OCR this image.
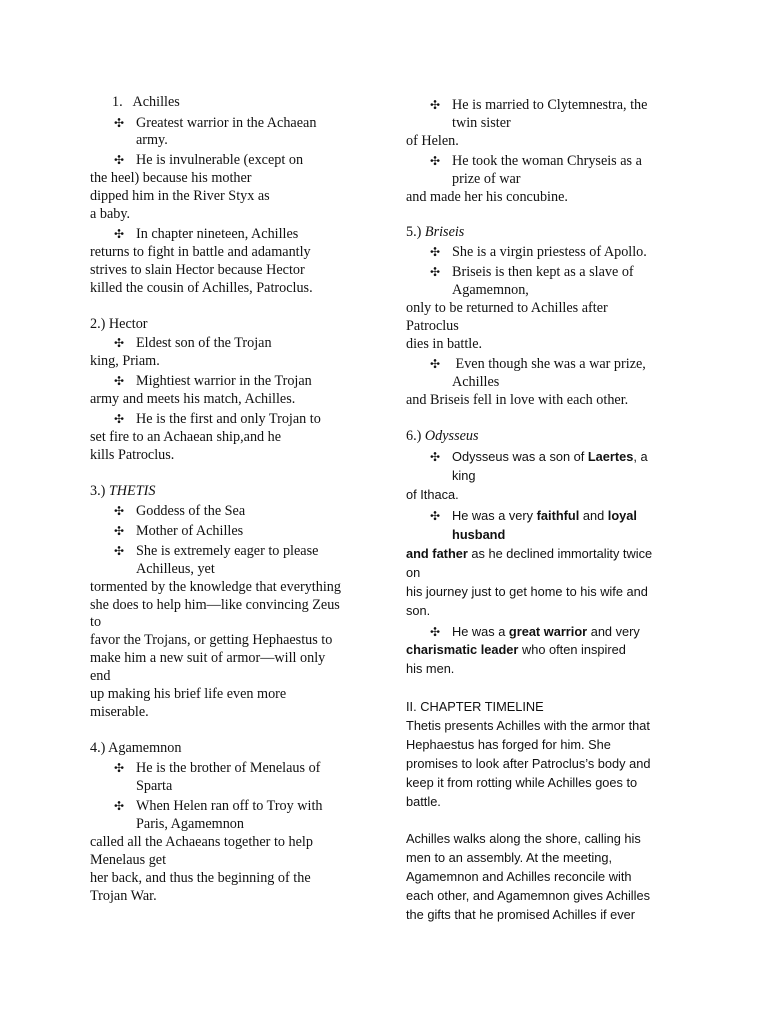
1. Achilles
✣ Greatest warrior in the Achaean
army.
✣ He is invulnerable (except on
the heel) because his mother
dipped him in the River Styx as
a baby.
✣ In chapter nineteen, Achilles
returns to fight in battle and adamantly
strives to slain Hector because Hector
killed the cousin of Achilles, Patroclus.
2.) Hector
✣ Eldest son of the Trojan
king, Priam.
✣ Mightiest warrior in the Trojan
army and meets his match, Achilles.
✣ He is the first and only Trojan to
set fire to an Achaean ship,and he
kills Patroclus.
3.) THETIS
✣ Goddess of the Sea
✣ Mother of Achilles
✣ She is extremely eager to please
Achilleus, yet
tormented by the knowledge that everything
she does to help him—like convincing Zeus
to
favor the Trojans, or getting Hephaestus to
make him a new suit of armor—will only
end
up making his brief life even more
miserable.
4.) Agamemnon
✣ He is the brother of Menelaus of
Sparta
✣ When Helen ran off to Troy with
Paris, Agamemnon
called all the Achaeans together to help
Menelaus get
her back, and thus the beginning of the
Trojan War.
✣ He is married to Clytemnestra, the
twin sister
of Helen.
✣ He took the woman Chryseis as a
prize of war
and made her his concubine.
5.) Briseis
✣ She is a virgin priestess of Apollo.
✣ Briseis is then kept as a slave of
Agamemnon,
only to be returned to Achilles after
Patroclus
dies in battle.
✣ Even though she was a war prize,
Achilles
and Briseis fell in love with each other.
6.) Odysseus
✣ Odysseus was a son of Laertes, a
king
of Ithaca.
✣ He was a very faithful and loyal
husband
and father as he declined immortality twice
on
his journey just to get home to his wife and
son.
✣ He was a great warrior and very
charismatic leader who often inspired
his men.
II. CHAPTER TIMELINE
Thetis presents Achilles with the armor that
Hephaestus has forged for him. She
promises to look after Patroclus’s body and
keep it from rotting while Achilles goes to
battle.
Achilles walks along the shore, calling his
men to an assembly. At the meeting,
Agamemnon and Achilles reconcile with
each other, and Agamemnon gives Achilles
the gifts that he promised Achilles if ever
